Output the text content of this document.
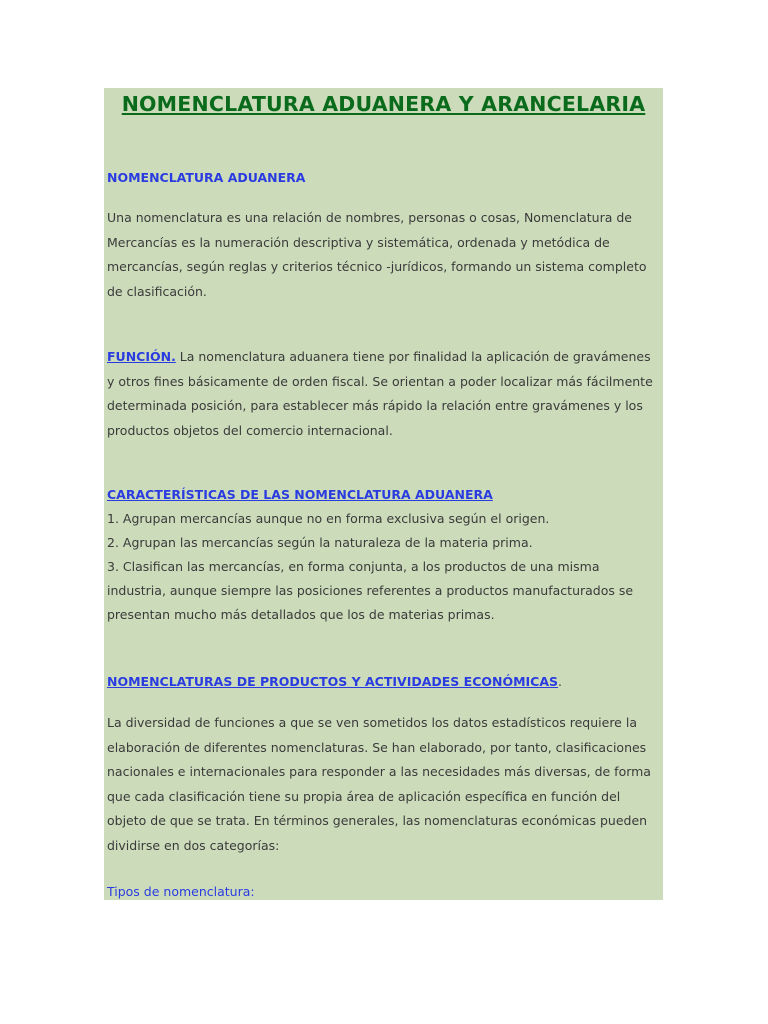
NOMENCLATURA ADUANERA Y ARANCELARIA
NOMENCLATURA ADUANERA

Una nomenclatura es una relación de nombres, personas o cosas, Nomenclatura de Mercancías es la numeración descriptiva y sistemática, ordenada y metódica de mercancías, según reglas y criterios técnico -jurídicos, formando un sistema completo de clasificación.

FUNCIÓN. La nomenclatura aduanera tiene por finalidad la aplicación de gravámenes y otros fines básicamente de orden fiscal. Se orientan a poder localizar más fácilmente determinada posición, para establecer más rápido la relación entre gravámenes y los productos objetos del comercio internacional.

CARACTERÍSTICAS DE LAS NOMENCLATURA ADUANERA
1. Agrupan mercancías aunque no en forma exclusiva según el origen.
2. Agrupan las mercancías según la naturaleza de la materia prima.
3. Clasifican las mercancías, en forma conjunta, a los productos de una misma industria, aunque siempre las posiciones referentes a productos manufacturados se presentan mucho más detallados que los de materias primas.
NOMENCLATURAS DE PRODUCTOS Y ACTIVIDADES ECONÓMICAS.

La diversidad de funciones a que se ven sometidos los datos estadísticos requiere la elaboración de diferentes nomenclaturas. Se han elaborado, por tanto, clasificaciones nacionales e internacionales para responder a las necesidades más diversas, de forma que cada clasificación tiene su propia área de aplicación específica en función del objeto de que se trata. En términos generales, las nomenclaturas económicas pueden dividirse en dos categorías:

Tipos de nomenclatura:
